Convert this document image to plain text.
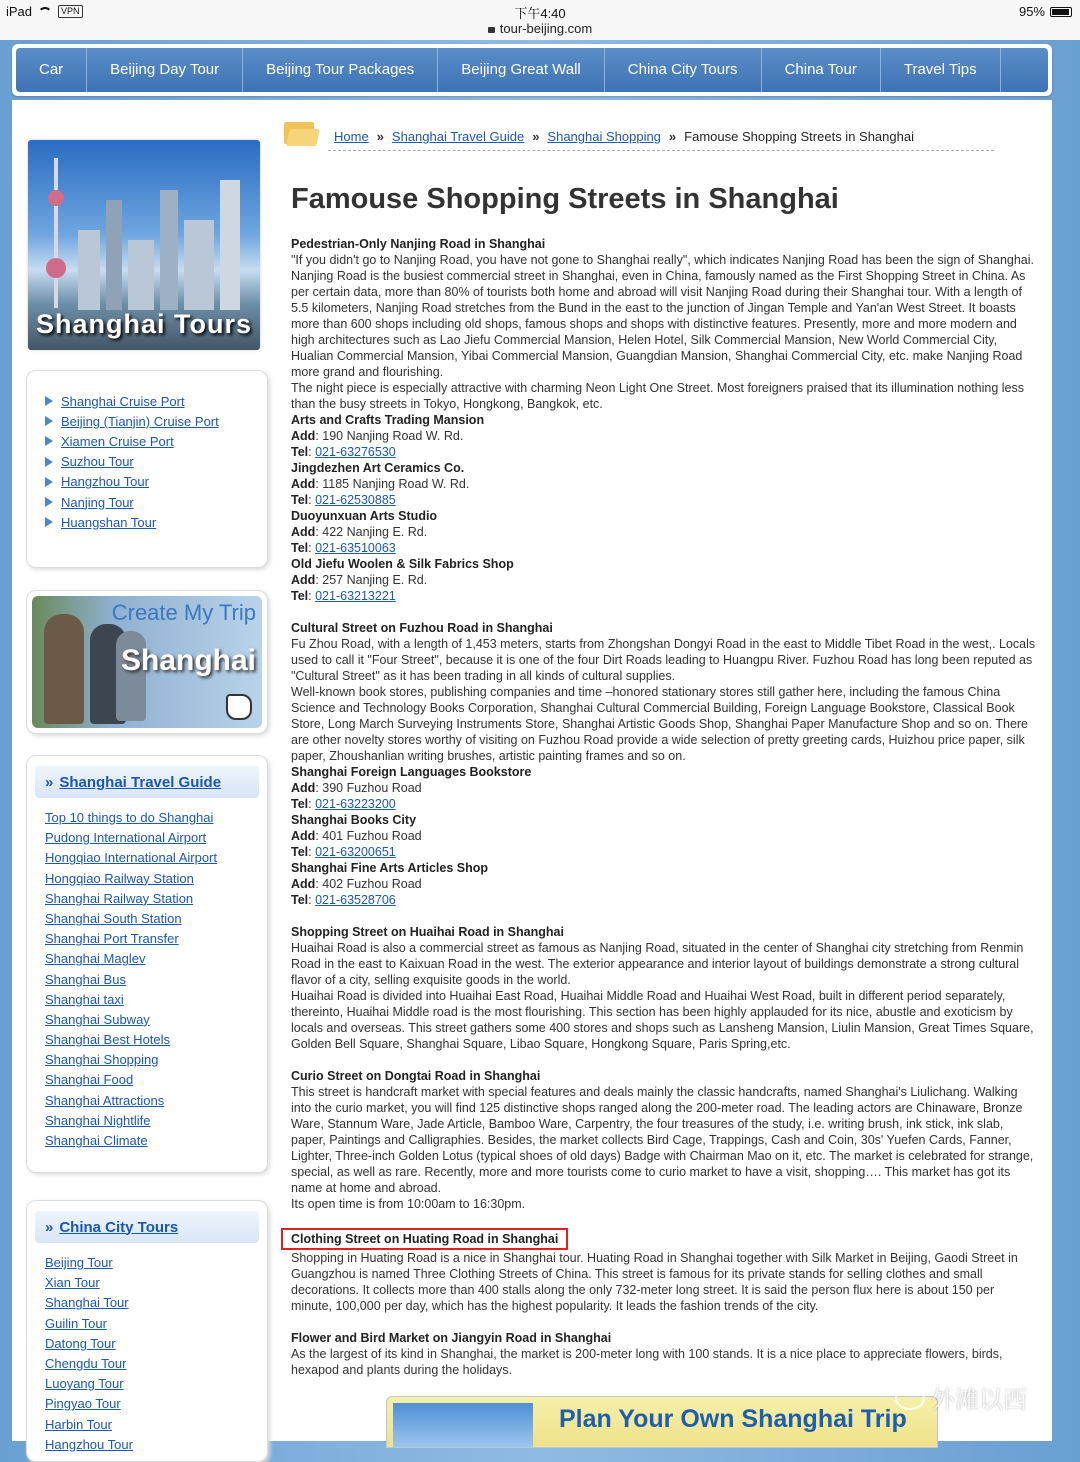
iPad	VPN	下午4:40
tour-beijing.com
95%
Car	Beijing Day Tour	Beijing Tour Packages	Beijing Great Wall	China City Tours	China Tour	Travel Tips
Shanghai Tours
Shanghai Cruise Port
Beijing (Tianjin) Cruise Port
Xiamen Cruise Port
Suzhou Tour
Hangzhou Tour
Nanjing Tour
Huangshan Tour
Create My Trip
Shanghai
» Shanghai Travel Guide
Top 10 things to do Shanghai
Pudong International Airport
Hongqiao International Airport
Hongqiao Railway Station
Shanghai Railway Station
Shanghai South Station
Shanghai Port Transfer
Shanghai Maglev
Shanghai Bus
Shanghai taxi
Shanghai Subway
Shanghai Best Hotels
Shanghai Shopping
Shanghai Food
Shanghai Attractions
Shanghai Nightlife
Shanghai Climate
» China City Tours
Beijing Tour
Xian Tour
Shanghai Tour
Guilin Tour
Datong Tour
Chengdu Tour
Luoyang Tour
Pingyao Tour
Harbin Tour
Hangzhou Tour
Home » Shanghai Travel Guide » Shanghai Shopping » Famouse Shopping Streets in Shanghai
Famouse Shopping Streets in Shanghai

Pedestrian-Only Nanjing Road in Shanghai

"If you didn't go to Nanjing Road, you have not gone to Shanghai really", which indicates Nanjing Road has been the sign of Shanghai. Nanjing Road is the busiest commercial street in Shanghai, even in China, famously named as the First Shopping Street in China. As per certain data, more than 80% of tourists both home and abroad will visit Nanjing Road during their Shanghai tour. With a length of 5.5 kilometers, Nanjing Road stretches from the Bund in the east to the junction of Jingan Temple and Yan'an West Street. It boasts more than 600 shops including old shops, famous shops and shops with distinctive features. Presently, more and more modern and high architectures such as Lao Jiefu Commercial Mansion, Helen Hotel, Silk Commercial Mansion, New World Commercial City, Hualian Commercial Mansion, Yibai Commercial Mansion, Guangdian Mansion, Shanghai Commercial City, etc. make Nanjing Road more grand and flourishing.

The night piece is especially attractive with charming Neon Light One Street. Most foreigners praised that its illumination nothing less than the busy streets in Tokyo, Hongkong, Bangkok, etc.

Arts and Crafts Trading Mansion

Add: 190 Nanjing Road W. Rd.

Tel: 021-63276530

Jingdezhen Art Ceramics Co.

Add: 1185 Nanjing Road W. Rd.

Tel: 021-62530885

Duoyunxuan Arts Studio

Add: 422 Nanjing E. Rd.

Tel: 021-63510063

Old Jiefu Woolen & Silk Fabrics Shop

Add: 257 Nanjing E. Rd.

Tel: 021-63213221

Cultural Street on Fuzhou Road in Shanghai

Fu Zhou Road, with a length of 1,453 meters, starts from Zhongshan Dongyi Road in the east to Middle Tibet Road in the west,. Locals used to call it "Four Street", because it is one of the four Dirt Roads leading to Huangpu River. Fuzhou Road has long been reputed as "Cultural Street" as it has been trading in all kinds of cultural supplies.

Well-known book stores, publishing companies and time –honored stationary stores still gather here, including the famous China Science and Technology Books Corporation, Shanghai Cultural Commercial Building, Foreign Language Bookstore, Classical Book Store, Long March Surveying Instruments Store, Shanghai Artistic Goods Shop, Shanghai Paper Manufacture Shop and so on. There are other novelty stores worthy of visiting on Fuzhou Road provide a wide selection of pretty greeting cards, Huizhou price paper, silk paper, Zhoushanlian writing brushes, artistic painting frames and so on.

Shanghai Foreign Languages Bookstore

Add: 390 Fuzhou Road

Tel: 021-63223200

Shanghai Books City

Add: 401 Fuzhou Road

Tel: 021-63200651

Shanghai Fine Arts Articles Shop

Add: 402 Fuzhou Road

Tel: 021-63528706

Shopping Street on Huaihai Road in Shanghai

Huaihai Road is also a commercial street as famous as Nanjing Road, situated in the center of Shanghai city stretching from Renmin Road in the east to Kaixuan Road in the west. The exterior appearance and interior layout of buildings demonstrate a strong cultural flavor of a city, selling exquisite goods in the world.

Huaihai Road is divided into Huaihai East Road, Huaihai Middle Road and Huaihai West Road, built in different period separately, thereinto, Huaihai Middle road is the most flourishing. This section has been highly applauded for its nice, abustle and exoticism by locals and overseas. This street gathers some 400 stores and shops such as Lansheng Mansion, Liulin Mansion, Great Times Square, Golden Bell Square, Shanghai Square, Libao Square, Hongkong Square, Paris Spring,etc.

Curio Street on Dongtai Road in Shanghai

This street is handcraft market with special features and deals mainly the classic handcrafts, named Shanghai's Liulichang. Walking into the curio market, you will find 125 distinctive shops ranged along the 200-meter road. The leading actors are Chinaware, Bronze Ware, Stannum Ware, Jade Article, Bamboo Ware, Carpentry, the four treasures of the study, i.e. writing brush, ink stick, ink slab, paper, Paintings and Calligraphies. Besides, the market collects Bird Cage, Trappings, Cash and Coin, 30s' Yuefen Cards, Fanner, Lighter, Three-inch Golden Lotus (typical shoes of old days) Badge with Chairman Mao on it, etc. The market is celebrated for strange, special, as well as rare. Recently, more and more tourists come to curio market to have a visit, shopping…. This market has got its name at home and abroad.

Its open time is from 10:00am to 16:30pm.

Clothing Street on Huating Road in Shanghai

Shopping in Huating Road is a nice in Shanghai tour. Huating Road in Shanghai together with Silk Market in Beijing, Gaodi Street in Guangzhou is named Three Clothing Streets of China. This street is famous for its private stands for selling clothes and small decorations. It collects more than 400 stalls along the only 732-meter long street. It is said the person flux here is about 150 per minute, 100,000 per day, which has the highest popularity. It leads the fashion trends of the city.

Flower and Bird Market on Jiangyin Road in Shanghai

As the largest of its kind in Shanghai, the market is 200-meter long with 100 stands. It is a nice place to appreciate flowers, birds, hexapod and plants during the holidays.

Plan Your Own Shanghai Trip
外滩以西
